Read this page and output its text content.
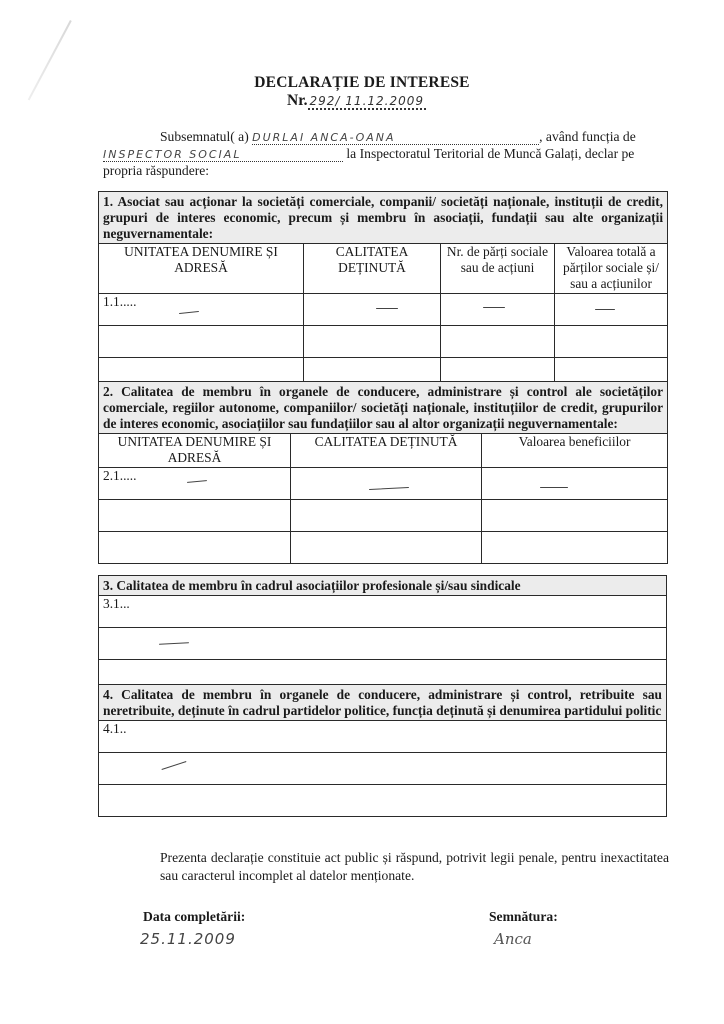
DECLARAȚIE DE INTERESE
Nr. 292/ 11.12.2009
Subsemnatul( a) DURLAI ANCA-OANA	, având funcția de
INSPECTOR SOCIAL	la Inspectoratul Teritorial de Muncă Galați, declar pe
propria răspundere:
1. Asociat sau acționar la societăți comerciale, companii/ societăți naționale, instituții de credit, grupuri de interes economic, precum și membru în asociații, fundații sau alte organizații neguvernamentale:			
UNITATEA DENUMIRE ȘI ADRESĂ	CALITATEA DEȚINUTĂ	Nr. de părți sociale sau de acțiuni	Valoarea totală a părților sociale și/ sau a acțiunilor
1.1.....

2. Calitatea de membru în organele de conducere, administrare și control ale societăților comerciale, regiilor autonome, companiilor/ societăți naționale, instituțiilor de credit, grupurilor de interes economic, asociațiilor sau fundațiilor sau al altor organizații neguvernamentale:		
UNITATEA DENUMIRE ȘI ADRESĂ	CALITATEA DEȚINUTĂ	Valoarea beneficiilor
2.1.....

3. Calitatea de membru în cadrul asociațiilor profesionale și/sau sindicale
3.1...

4. Calitatea de membru în organele de conducere, administrare și control, retribuite sau neretribuite, deținute în cadrul partidelor politice, funcția deținută și denumirea partidului politic
4.1..

Prezenta declarație constituie act public și răspund, potrivit legii penale, pentru inexactitatea sau caracterul incomplet al datelor menționate.
Data completării:
25.11.2009
Semnătura:
Anca
